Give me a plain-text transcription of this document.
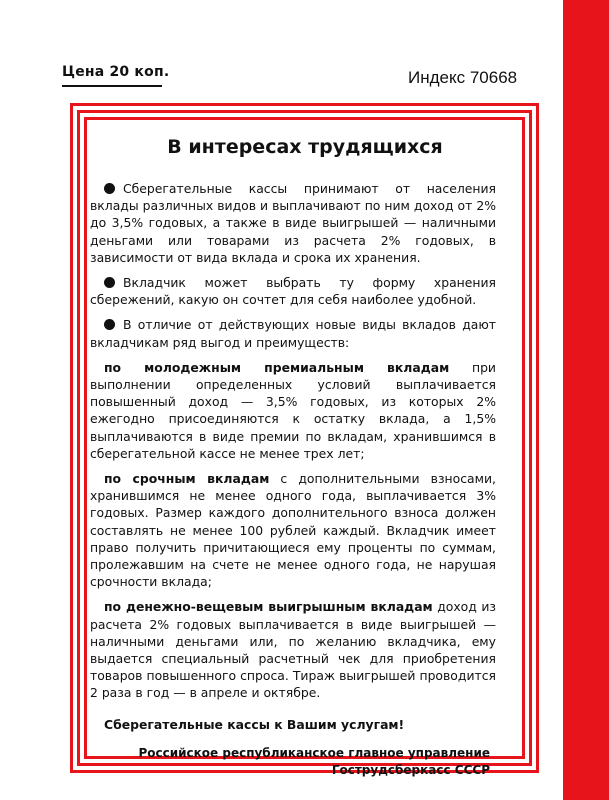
Цена 20 коп.	Индекс 70668
В интересах трудящихся
Сберегательные кассы принимают от населения вклады различных видов и выплачивают по ним доход от 2% до 3,5% годовых, а также в виде выигрышей — наличными деньгами или товарами из расчета 2% годовых, в зависимости от вида вклада и срока их хранения.
Вкладчик может выбрать ту форму хранения сбережений, какую он сочтет для себя наиболее удобной.
В отличие от действующих новые виды вкладов дают вкладчикам ряд выгод и преимуществ:
по молодежным премиальным вкладам при выполнении определенных условий выплачивается повышенный доход — 3,5% годовых, из которых 2% ежегодно присоединяются к остатку вклада, а 1,5% выплачиваются в виде премии по вкладам, хранившимся в сберегательной кассе не менее трех лет;
по срочным вкладам с дополнительными взносами, хранившимся не менее одного года, выплачивается 3% годовых. Размер каждого дополнительного взноса должен составлять не менее 100 рублей каждый. Вкладчик имеет право получить причитающиеся ему проценты по суммам, пролежавшим на счете не менее одного года, не нарушая срочности вклада;
по денежно-вещевым выигрышным вкладам доход из расчета 2% годовых выплачивается в виде выигрышей — наличными деньгами или, по желанию вкладчика, ему выдается специальный расчетный чек для приобретения товаров повышенного спроса. Тираж выигрышей проводится 2 раза в год — в апреле и октябре.
Сберегательные кассы к Вашим услугам!
Российское республиканское главное управление
Гострудсберкасс СССР
